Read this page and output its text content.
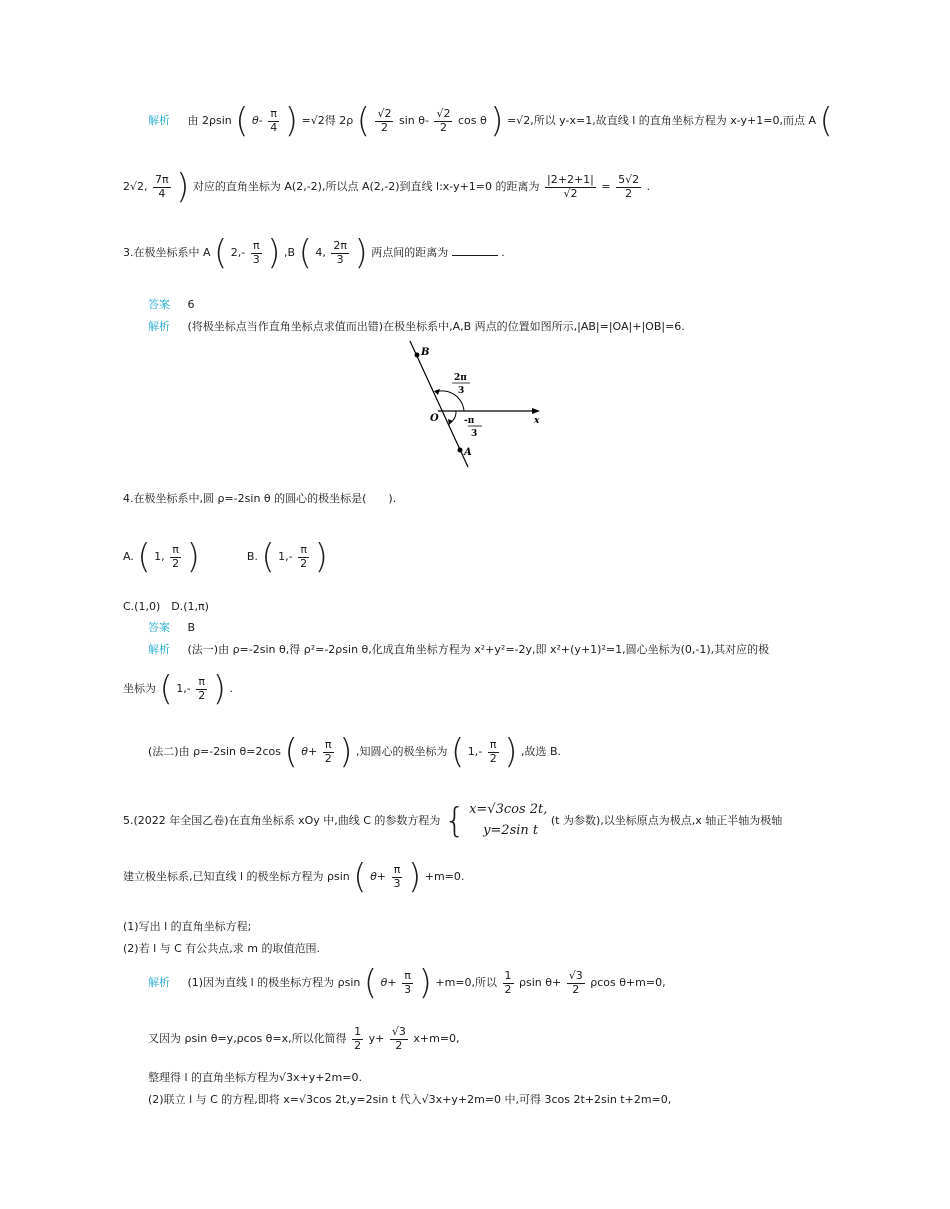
解析 由 2ρsin ( $\theta- \frac{\pi}{4}$ ) =√2得 2ρ ( $\frac{√2}{2}$ $\sin \theta- \frac{√2}{2}$ cos θ ) =√2,所以 y-x=1,故直线 l 的直角坐标方程为 x-y+1=0,而点 A (
2√2, $\frac{7\pi}{4}$ ) 对应的直角坐标为 A(2,-2),所以点 A(2,-2)到直线 l:x-y+1=0 的距离为 $\frac{|2+2+1|}{√2} = \frac{5√2}{2}$ .
3.在极坐标系中 A ( $2,- \frac{\pi}{3}$ ) ,B ( 4, $\frac{2\pi}{3}$ ) 两点间的距离为	.
答案 6
解析 (将极坐标点当作直角坐标点求值而出错)在极坐标系中,A,B 两点的位置如图所示,|AB|=|OA|+|OB|=6.
B
A
O	x
2π
3
-π
3
4.在极坐标系中,圆 ρ=-2sin θ 的圆心的极坐标是(　　).
A. ( 1, $\frac{\pi}{2}$ )	B. ( $1,- \frac{\pi}{2}$ )
C.(1,0)　D.(1,π)
答案 B
解析 (法一)由 ρ=-2sin θ,得 ρ²=-2ρsin θ,化成直角坐标方程为 x²+y²=-2y,即 x²+(y+1)²=1,圆心坐标为(0,-1),其对应的极
坐标为 ( $1,- \frac{\pi}{2}$ ) .
(法二)由 ρ=-2sin θ=2cos ( $\theta+ \frac{\pi}{2}$ ) ,知圆心的极坐标为 ( $1,- \frac{\pi}{2}$ ) ,故选 B.
5.(2022 年全国乙卷)在直角坐标系 xOy 中,曲线 C 的参数方程为 { x=√3cos 2t,
y=2sin t
(t 为参数),以坐标原点为极点,x 轴正半轴为极轴
建立极坐标系,已知直线 l 的极坐标方程为 ρsin ( $\theta+ \frac{\pi}{3}$ ) +m=0.
(1)写出 l 的直角坐标方程;
(2)若 l 与 C 有公共点,求 m 的取值范围.
解析 (1)因为直线 l 的极坐标方程为 ρsin ( $\theta+ \frac{\pi}{3}$ ) +m=0,所以 $\frac{1}{2}$ ρsin $\theta+ \frac{√3}{2}$ ρcos θ+m=0,
又因为 ρsin θ=y,ρcos θ=x,所以化简得 $\frac{1}{2} y+ \frac{√3}{2} x+m=0$,
整理得 l 的直角坐标方程为√3x+y+2m=0.
(2)联立 l 与 C 的方程,即将 x=√3cos 2t,y=2sin t 代入√3x+y+2m=0 中,可得 3cos 2t+2sin t+2m=0,
